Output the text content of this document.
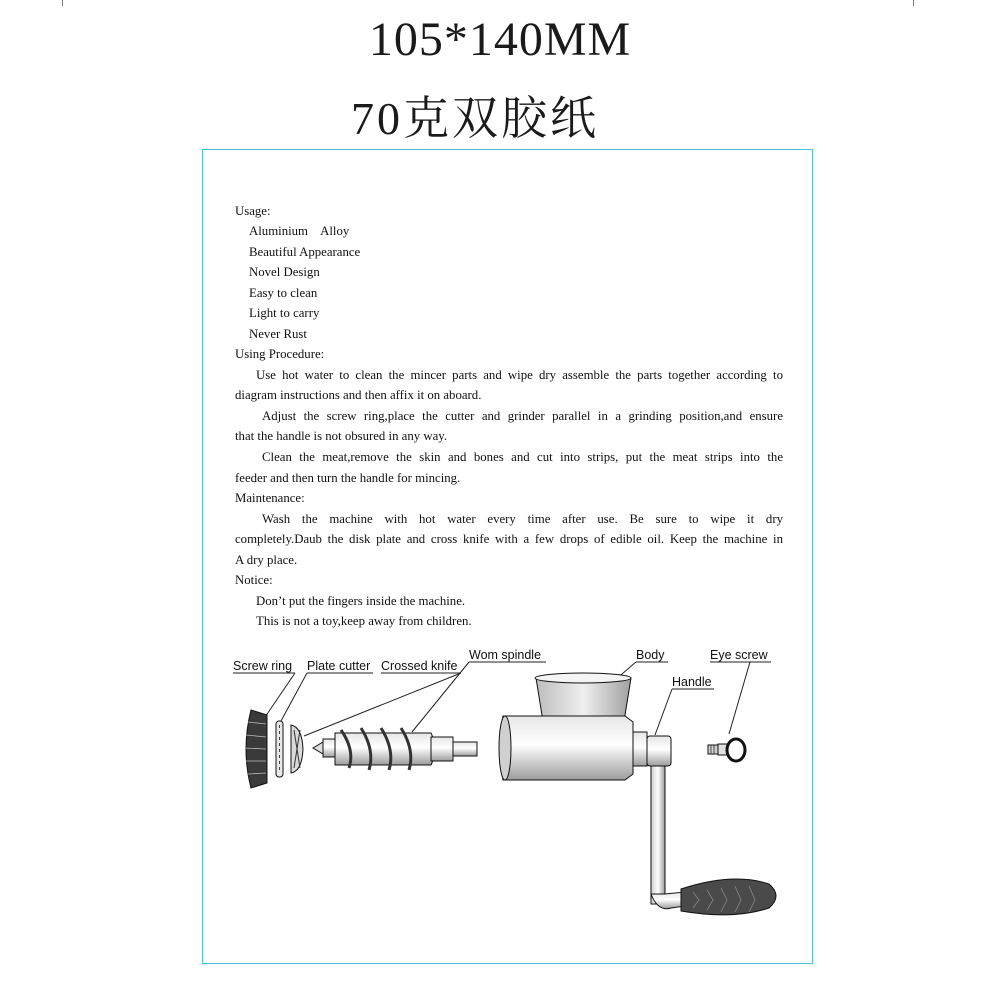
105*140MM
70克双胶纸
Usage:
Aluminium    Alloy
Beautiful Appearance
Novel Design
Easy to clean
Light to carry
Never Rust
Using Procedure:
Use hot water to clean the mincer parts and wipe dry assemble the parts together according to
diagram instructions and then affix it on aboard.
Adjust the screw ring,place the cutter and grinder parallel in a grinding position,and ensure
that the handle is not obsured in any way.
Clean the meat,remove the skin and bones and cut into strips, put the meat strips into the
feeder and then turn the handle for mincing.
Maintenance:
Wash the machine with hot water every time after use. Be sure to wipe it dry
completely.Daub the disk plate and cross knife with a few drops of edible oil. Keep the machine in
A dry place.
Notice:
Don’t put the fingers inside the machine.
This is not a toy,keep away from children.
Screw ring Plate cutter Crossed knife
Wom spindle	Body
Handle
Eye screw
